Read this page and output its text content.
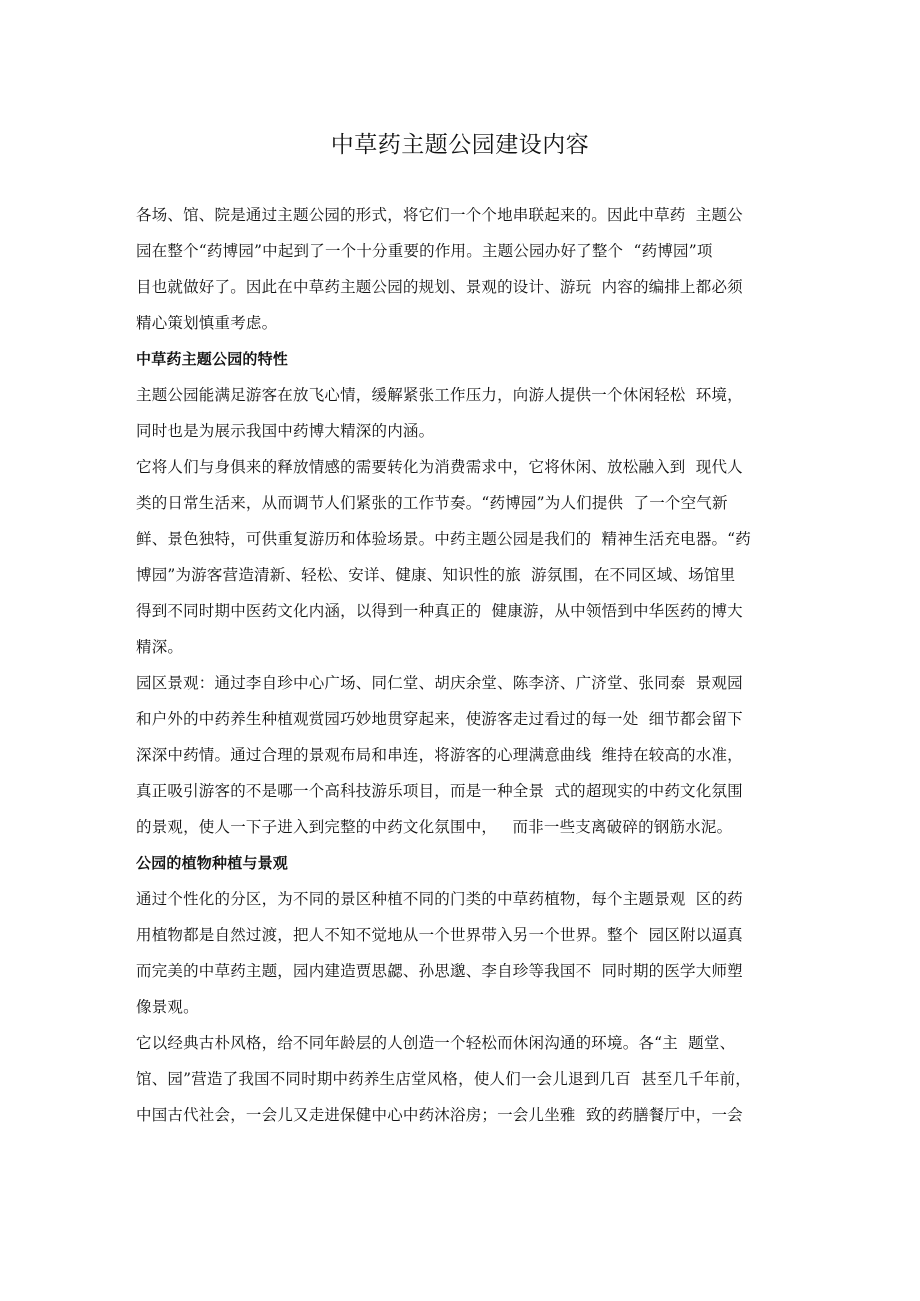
中草药主题公园建设内容
各场、馆、院是通过主题公园的形式，将它们一个个地串联起来的。因此中草药  主题公
园在整个“药博园”中起到了一个十分重要的作用。主题公园办好了整个  “药博园”项
目也就做好了。因此在中草药主题公园的规划、景观的设计、游玩  内容的编排上都必须
精心策划慎重考虑。
中草药主题公园的特性
主题公园能满足游客在放飞心情，缓解紧张工作压力，向游人提供一个休闲轻松  环境，
同时也是为展示我国中药博大精深的内涵。
它将人们与身俱来的释放情感的需要转化为消费需求中，它将休闲、放松融入到  现代人
类的日常生活来，从而调节人们紧张的工作节奏。“药博园”为人们提供  了一个空气新
鲜、景色独特，可供重复游历和体验场景。中药主题公园是我们的  精神生活充电器。“药
博园”为游客营造清新、轻松、安详、健康、知识性的旅  游氛围，在不同区域、场馆里
得到不同时期中医药文化内涵，以得到一种真正的  健康游，从中领悟到中华医药的博大
精深。
园区景观：通过李自珍中心广场、同仁堂、胡庆余堂、陈李济、广济堂、张同泰  景观园
和户外的中药养生种植观赏园巧妙地贯穿起来，使游客走过看过的每一处  细节都会留下
深深中药情。通过合理的景观布局和串连，将游客的心理满意曲线  维持在较高的水准，
真正吸引游客的不是哪一个高科技游乐项目，而是一种全景  式的超现实的中药文化氛围
的景观，使人一下子进入到完整的中药文化氛围中，   而非一些支离破碎的钢筋水泥。
公园的植物种植与景观
通过个性化的分区，为不同的景区种植不同的门类的中草药植物，每个主题景观  区的药
用植物都是自然过渡，把人不知不觉地从一个世界带入另一个世界。整个  园区附以逼真
而完美的中草药主题，园内建造贾思勰、孙思邈、李自珍等我国不  同时期的医学大师塑
像景观。
它以经典古朴风格，给不同年龄层的人创造一个轻松而休闲沟通的环境。各“主  题堂、
馆、园”营造了我国不同时期中药养生店堂风格，使人们一会儿退到几百  甚至几千年前，
中国古代社会，一会儿又走进保健中心中药沐浴房；一会儿坐雅  致的药膳餐厅中，一会
